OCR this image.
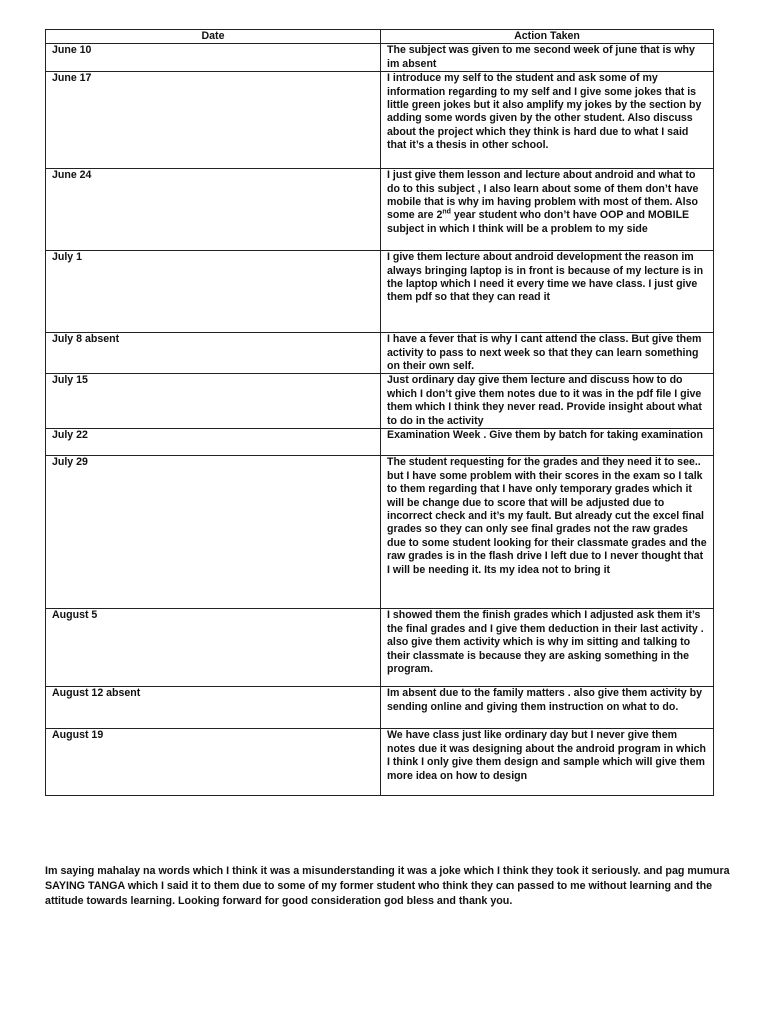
Date	Action Taken
June 10	The subject was given to me second week of june that is why im absent
June 17	I introduce my self to the student and ask some of my information regarding to my self and I give some jokes that is little green jokes but it also amplify my jokes by the section by adding some words given by the other student. Also discuss about the project which they think is hard due to what I said that it’s a thesis in other school.
June 24	I just give them lesson and lecture about android and what to do to this subject , I also learn about some of them don’t have mobile that is why im having problem with most of them. Also some are 2nd year student who don’t have OOP and MOBILE subject in which I think will be a problem to my side
July 1	I give them lecture about android development the reason im always bringing laptop is in front is because of my lecture is in the laptop which I need it every time we have class. I just give them pdf so that they can read it
July 8 absent	I have a fever that is why I cant attend the class. But give them activity to pass to next week so that they can learn something on their own self.
July 15	Just ordinary day give them lecture and discuss how to do which I don’t give them notes due to it was in the pdf file I give them which I think they never read. Provide insight about what to do in the activity
July 22	Examination Week . Give them by batch for taking examination
July 29	The student requesting for the grades and they need it to see.. but I have some problem with their scores in the exam so I talk to them regarding that I have only temporary grades which it will be change due to score that will be adjusted due to incorrect check and it’s my fault. But already cut the excel final grades so they can only see final grades not the raw grades due to some student looking for their classmate grades and the raw grades is in the flash drive I left due to I never thought that I will be needing it. Its my idea not to bring it
August 5	I showed them the finish grades which I adjusted ask them it’s the final grades and I give them deduction in their last activity . also give them activity which is why im sitting and talking to their classmate is because they are asking something in the program.
August 12 absent	Im absent due to the family matters . also give them activity by sending online and giving them instruction on what to do.
August 19	We have class just like ordinary day but I never give them notes due it was designing about the android program in which I think I only give them design and sample which will give them more idea on how to design

Im saying mahalay na words which I think it was a misunderstanding it was a joke which I think they took it seriously. and pag mumura SAYING TANGA which I said it to them due to some of my former student who think they can passed to me without learning and the attitude towards learning. Looking forward for good consideration god bless and thank you.
